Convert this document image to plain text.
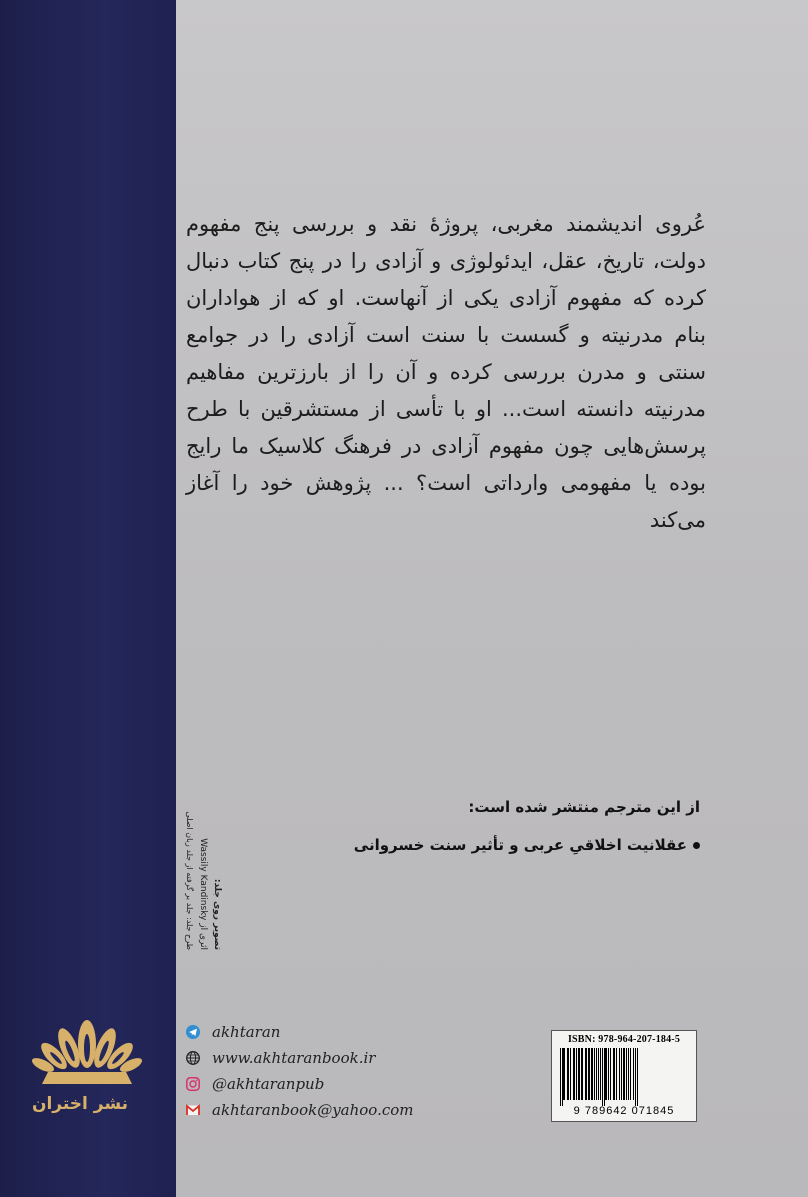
عُروی اندیشمند مغربی، پروژۀ نقد و بررسی پنج مفهوم دولت، تاریخ، عقل، ایدئولوژی و آزادی را در پنج کتاب دنبال کرده که مفهوم آزادی یکی از آنهاست. او که از هواداران بنام مدرنیته و گسست با سنت است آزادی را در جوامع سنتی و مدرن بررسی کرده و آن را از بارزترین مفاهیم مدرنیته دانسته است... او با تأسی از مستشرقین با طرح پرسش‌هایی چون مفهوم آزادی در فرهنگ کلاسیک ما رایج بوده یا مفهومی وارداتی است؟ ... پژوهش خود را آغاز می‌کند

از این مترجم منتشر شده است:
عقلانیت اخلاقیِ عربی و تأثیر سنت خسروانی
تصویر روی جلد:
Wassily Kandinsky اثری از
طرح جلد: جلد بر گرفته از جلد زبان اصلی
نشر اختران
akhtaran
www.akhtaranbook.ir
@akhtaranpub
akhtaranbook@yahoo.com
ISBN: 978-964-207-184-5
9 789642 071845
